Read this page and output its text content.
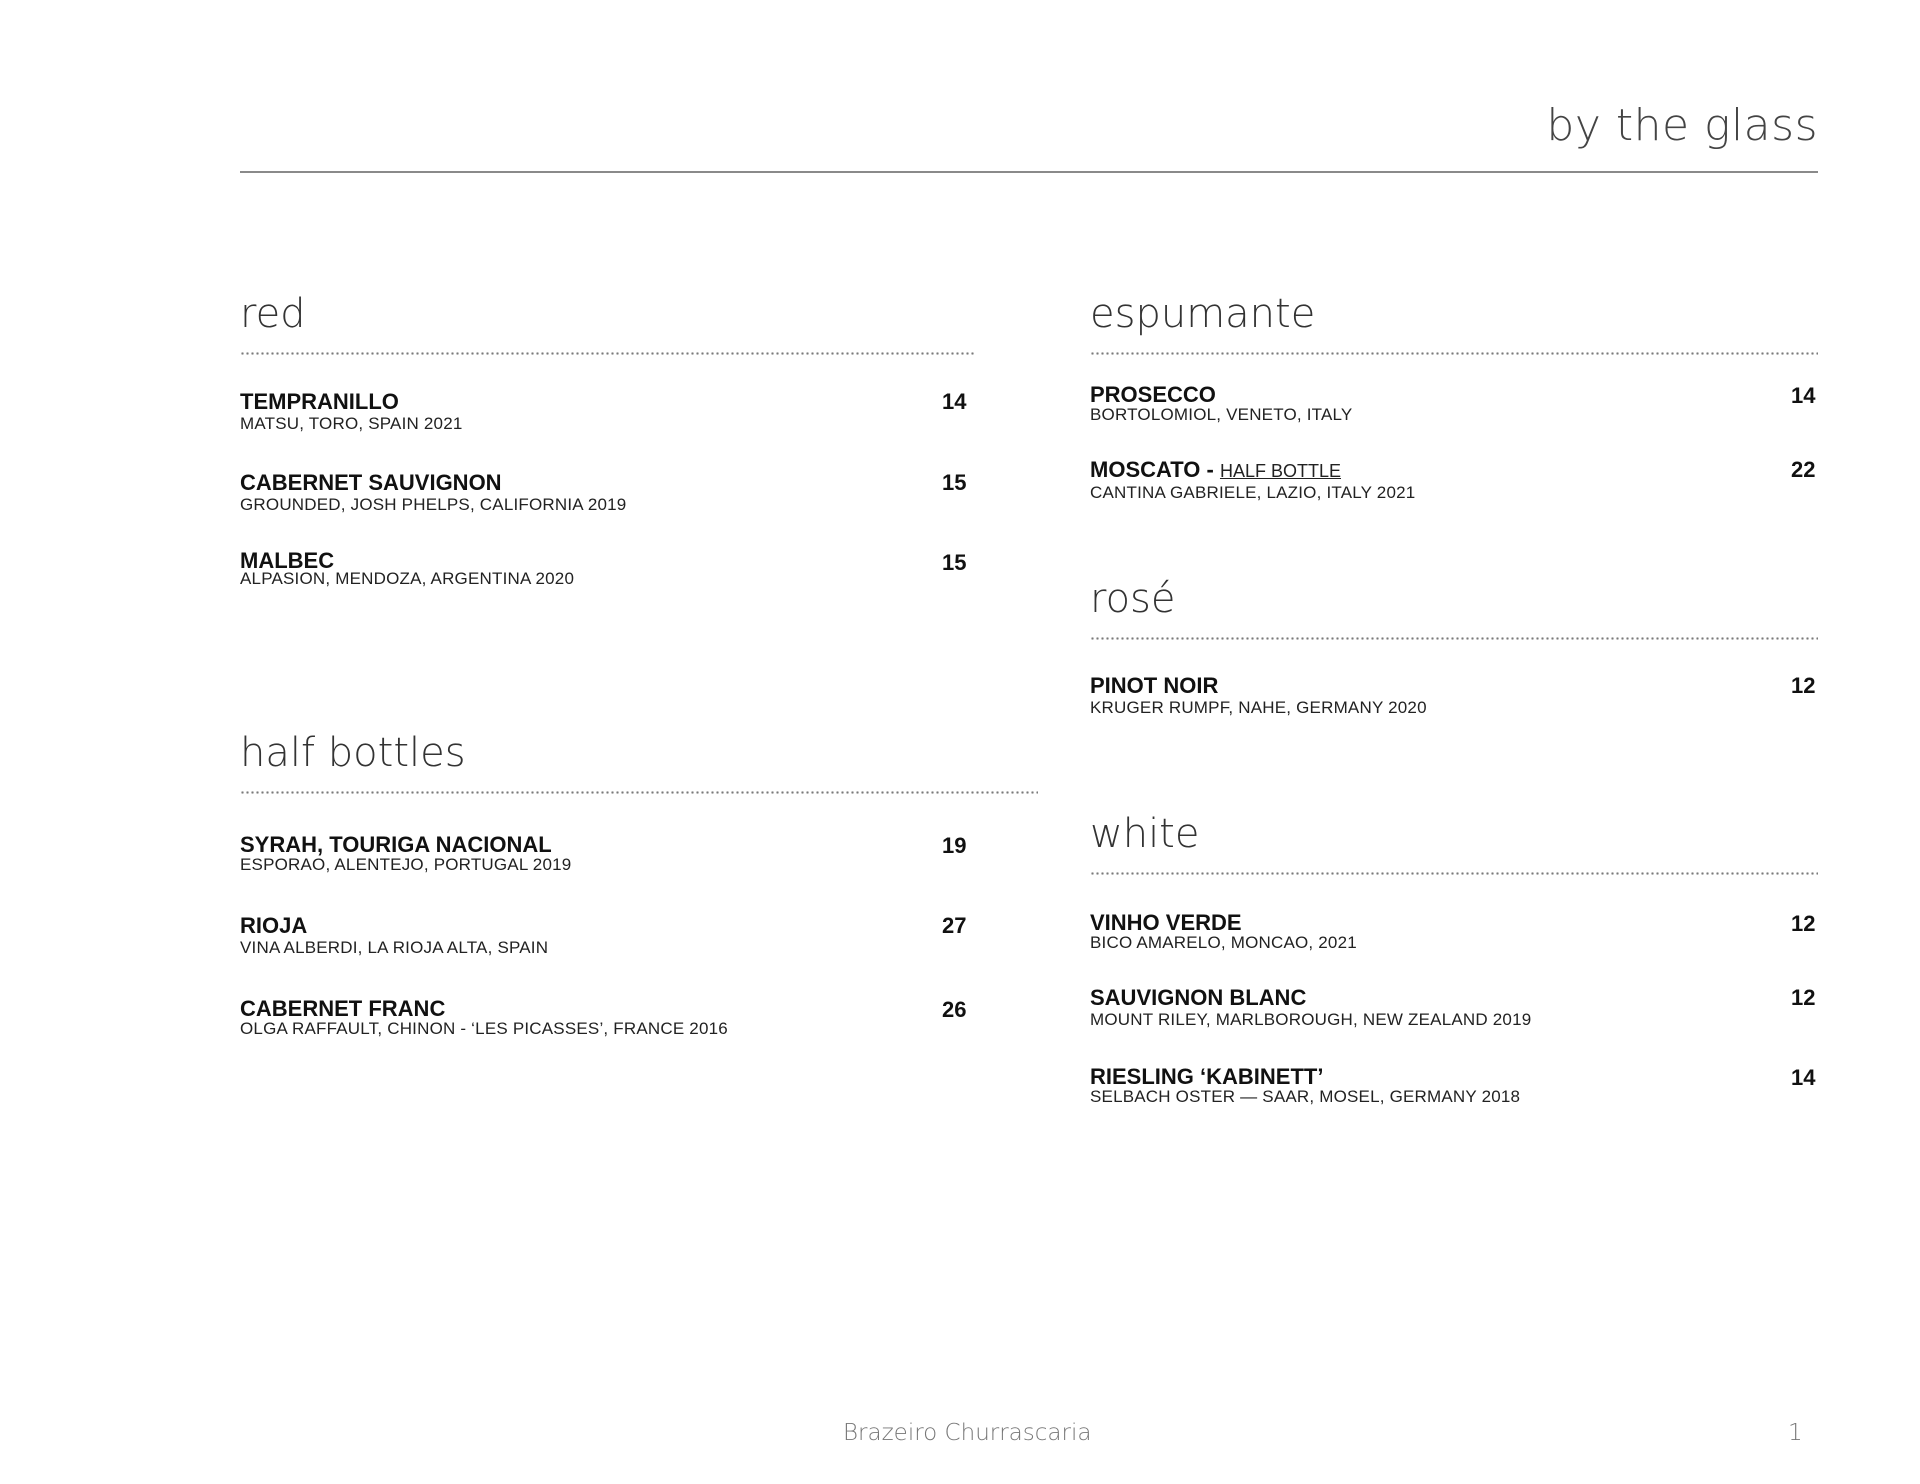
by the glass
red
TEMPRANILLO
MATSU, TORO, SPAIN 2021
14
CABERNET SAUVIGNON
GROUNDED, JOSH PHELPS, CALIFORNIA 2019
15
MALBEC
ALPASION, MENDOZA, ARGENTINA 2020
15
half bottles
SYRAH, TOURIGA NACIONAL
ESPORAO, ALENTEJO, PORTUGAL 2019
19
RIOJA
VINA ALBERDI, LA RIOJA ALTA, SPAIN
27
CABERNET FRANC
OLGA RAFFAULT, CHINON - ‘LES PICASSES’, FRANCE 2016
26
espumante
PROSECCO
BORTOLOMIOL, VENETO, ITALY
14
MOSCATO - HALF BOTTLE
CANTINA GABRIELE, LAZIO, ITALY 2021
22
rosé
PINOT NOIR
KRUGER RUMPF, NAHE, GERMANY 2020
12
white
VINHO VERDE
BICO AMARELO, MONCAO, 2021
12
SAUVIGNON BLANC
MOUNT RILEY, MARLBOROUGH, NEW ZEALAND 2019
12
RIESLING ‘KABINETT’
SELBACH OSTER — SAAR, MOSEL, GERMANY 2018
14
Brazeiro Churrascaria	1
